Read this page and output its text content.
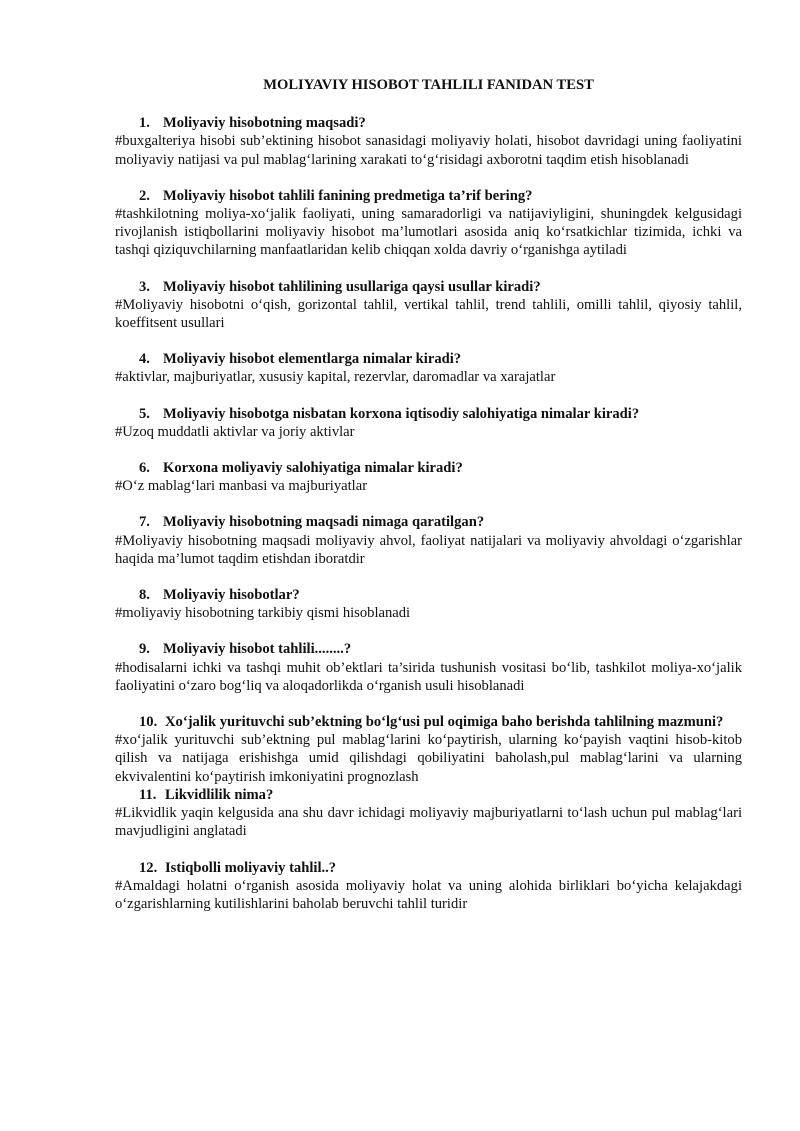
MOLIYAVIY HISOBOT TAHLILI FANIDAN TEST
1. Moliyaviy hisobotning maqsadi?
#buxgalteriya hisobi sub’ektining hisobot sanasidagi moliyaviy holati, hisobot davridagi uning faoliyatini moliyaviy natijasi va pul mablag‘larining xarakati to‘g‘risidagi axborotni taqdim etish hisoblanadi
2. Moliyaviy hisobot tahlili fanining predmetiga ta’rif bering?
#tashkilotning moliya-xo‘jalik faoliyati, uning samaradorligi va natijaviyligini, shuningdek kelgusidagi rivojlanish istiqbollarini moliyaviy hisobot ma’lumotlari asosida aniq ko‘rsatkichlar tizimida, ichki va tashqi qiziquvchilarning manfaatlaridan kelib chiqqan xolda davriy o‘rganishga aytiladi
3. Moliyaviy hisobot tahlilining usullariga qaysi usullar kiradi?
#Moliyaviy hisobotni o‘qish, gorizontal tahlil, vertikal tahlil, trend tahlili, omilli tahlil, qiyosiy tahlil, koeffitsent usullari
4. Moliyaviy hisobot elementlarga nimalar kiradi?
#aktivlar, majburiyatlar, xususiy kapital, rezervlar, daromadlar va xarajatlar
5. Moliyaviy hisobotga nisbatan korxona iqtisodiy salohiyatiga nimalar kiradi?
#Uzoq muddatli aktivlar va joriy aktivlar
6. Korxona moliyaviy salohiyatiga nimalar kiradi?
#O‘z mablag‘lari manbasi va majburiyatlar
7. Moliyaviy hisobotning maqsadi nimaga qaratilgan?
#Moliyaviy hisobotning maqsadi moliyaviy ahvol, faoliyat natijalari va moliyaviy ahvoldagi o‘zgarishlar haqida ma’lumot taqdim etishdan iboratdir
8. Moliyaviy hisobotlar?
#moliyaviy hisobotning tarkibiy qismi hisoblanadi
9. Moliyaviy hisobot tahlili........?
#hodisalarni ichki va tashqi muhit ob’ektlari ta’sirida tushunish vositasi bo‘lib, tashkilot moliya-xo‘jalik faoliyatini o‘zaro bog‘liq va aloqadorlikda o‘rganish usuli hisoblanadi
10. Xo‘jalik yurituvchi sub’ektning bo‘lg‘usi pul oqimiga baho berishda tahlilning mazmuni?
#xo‘jalik yurituvchi sub’ektning pul mablag‘larini ko‘paytirish, ularning ko‘payish vaqtini hisob-kitob qilish va natijaga erishishga umid qilishdagi qobiliyatini baholash,pul mablag‘larini va ularning ekvivalentini ko‘paytirish imkoniyatini prognozlash
11. Likvidlilik nima?
#Likvidlik yaqin kelgusida ana shu davr ichidagi moliyaviy majburiyatlarni to‘lash uchun pul mablag‘lari mavjudligini anglatadi
12. Istiqbolli moliyaviy tahlil..?
#Amaldagi holatni o‘rganish asosida moliyaviy holat va uning alohida birliklari bo‘yicha kelajakdagi o‘zgarishlarning kutilishlarini baholab beruvchi tahlil turidir
